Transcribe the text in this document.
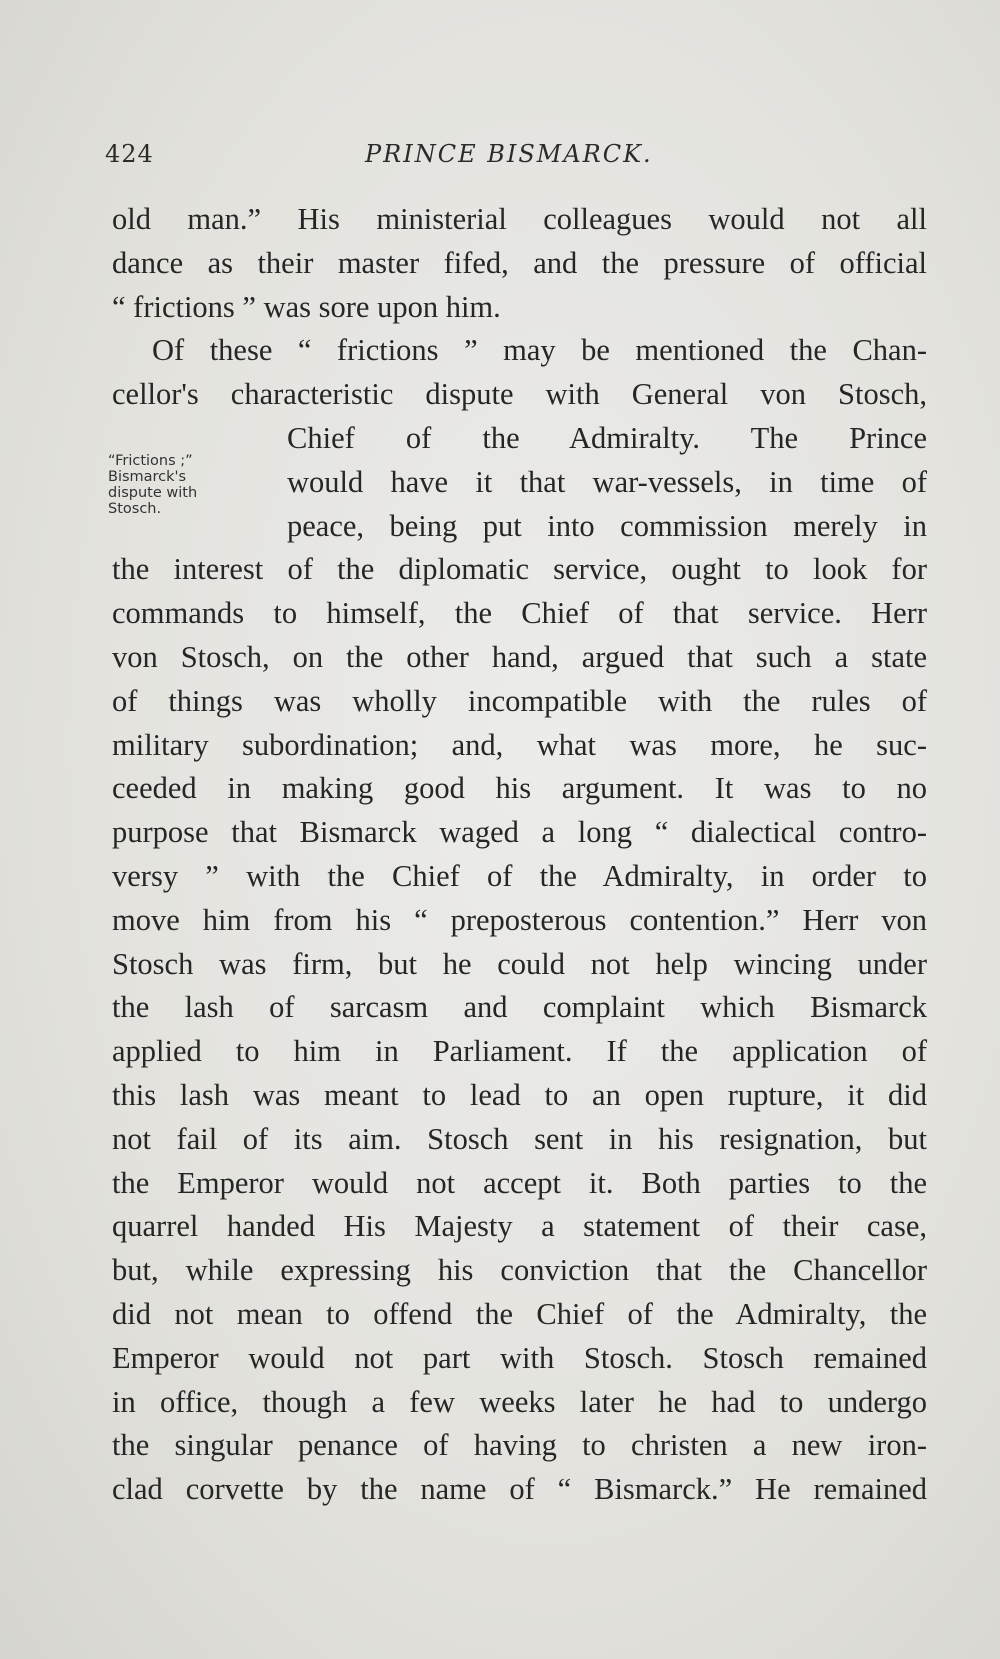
424	PRINCE BISMARCK.
old man.” His ministerial colleagues would not all
dance as their master fifed, and the pressure of official
“ frictions ” was sore upon him.
Of these “ frictions ” may be mentioned the Chan-
cellor's characteristic dispute with General von Stosch,
“Frictions ;”
Bismarck's
dispute with
Stosch.
Chief of the Admiralty. The Prince
would have it that war-vessels, in time of
peace, being put into commission merely in
the interest of the diplomatic service, ought to look for
commands to himself, the Chief of that service. Herr
von Stosch, on the other hand, argued that such a state
of things was wholly incompatible with the rules of
military subordination; and, what was more, he suc-
ceeded in making good his argument. It was to no
purpose that Bismarck waged a long “ dialectical contro-
versy ” with the Chief of the Admiralty, in order to
move him from his “ preposterous contention.” Herr von
Stosch was firm, but he could not help wincing under
the lash of sarcasm and complaint which Bismarck
applied to him in Parliament. If the application of
this lash was meant to lead to an open rupture, it did
not fail of its aim. Stosch sent in his resignation, but
the Emperor would not accept it. Both parties to the
quarrel handed His Majesty a statement of their case,
but, while expressing his conviction that the Chancellor
did not mean to offend the Chief of the Admiralty, the
Emperor would not part with Stosch. Stosch remained
in office, though a few weeks later he had to undergo
the singular penance of having to christen a new iron-
clad corvette by the name of “ Bismarck.” He remained
